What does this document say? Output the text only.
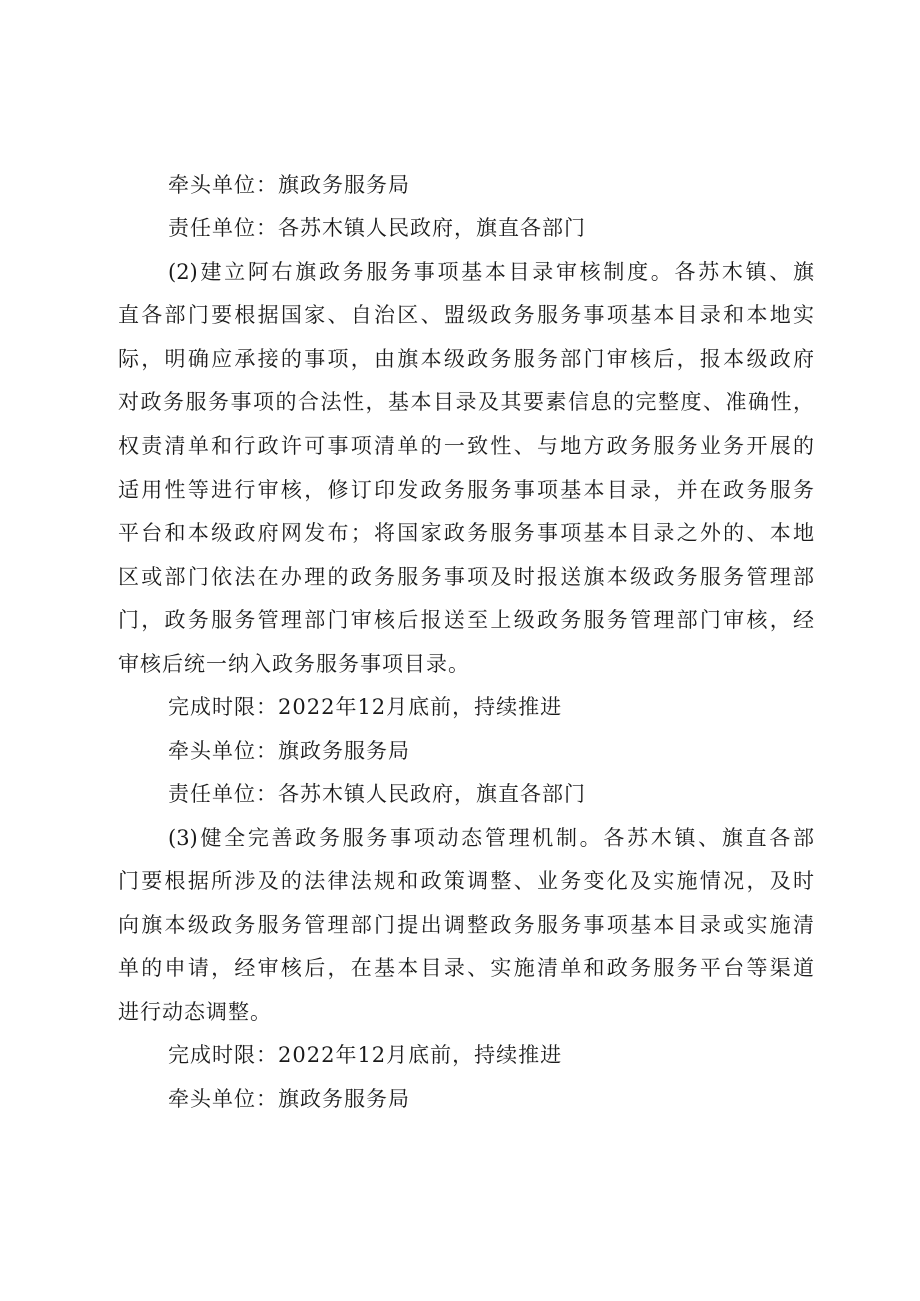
牵头单位：旗政务服务局
责任单位：各苏木镇人民政府，旗直各部门
(2)建立阿右旗政务服务事项基本目录审核制度。各苏木镇、旗
直各部门要根据国家、自治区、盟级政务服务事项基本目录和本地实
际，明确应承接的事项，由旗本级政务服务部门审核后，报本级政府
对政务服务事项的合法性，基本目录及其要素信息的完整度、准确性，
权责清单和行政许可事项清单的一致性、与地方政务服务业务开展的
适用性等进行审核，修订印发政务服务事项基本目录，并在政务服务
平台和本级政府网发布；将国家政务服务事项基本目录之外的、本地
区或部门依法在办理的政务服务事项及时报送旗本级政务服务管理部
门，政务服务管理部门审核后报送至上级政务服务管理部门审核，经
审核后统一纳入政务服务事项目录。
完成时限：2022年12月底前，持续推进
牵头单位：旗政务服务局
责任单位：各苏木镇人民政府，旗直各部门
(3)健全完善政务服务事项动态管理机制。各苏木镇、旗直各部
门要根据所涉及的法律法规和政策调整、业务变化及实施情况，及时
向旗本级政务服务管理部门提出调整政务服务事项基本目录或实施清
单的申请，经审核后，在基本目录、实施清单和政务服务平台等渠道
进行动态调整。
完成时限：2022年12月底前，持续推进
牵头单位：旗政务服务局
